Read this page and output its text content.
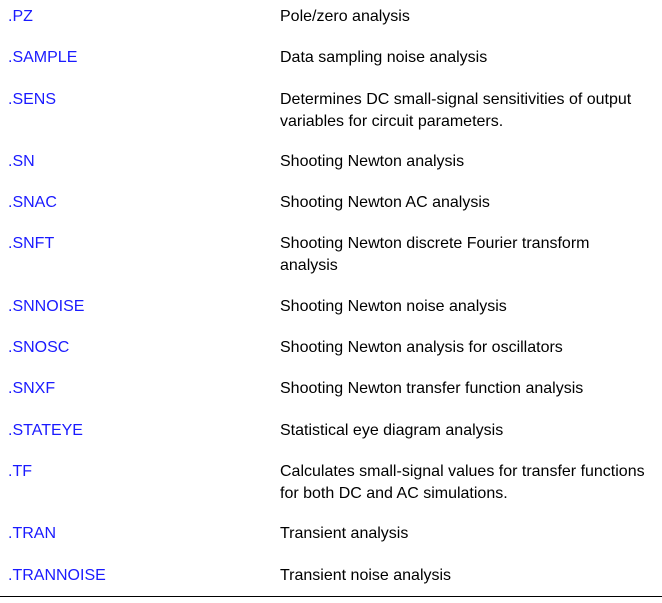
.PZ	Pole/zero analysis
.SAMPLE	Data sampling noise analysis
.SENS	Determines DC small-signal sensitivities of output variables for circuit parameters.
.SN	Shooting Newton analysis
.SNAC	Shooting Newton AC analysis
.SNFT	Shooting Newton discrete Fourier transform analysis
.SNNOISE	Shooting Newton noise analysis
.SNOSC	Shooting Newton analysis for oscillators
.SNXF	Shooting Newton transfer function analysis
.STATEYE	Statistical eye diagram analysis
.TF	Calculates small-signal values for transfer functions for both DC and AC simulations.
.TRAN	Transient analysis
.TRANNOISE	Transient noise analysis
